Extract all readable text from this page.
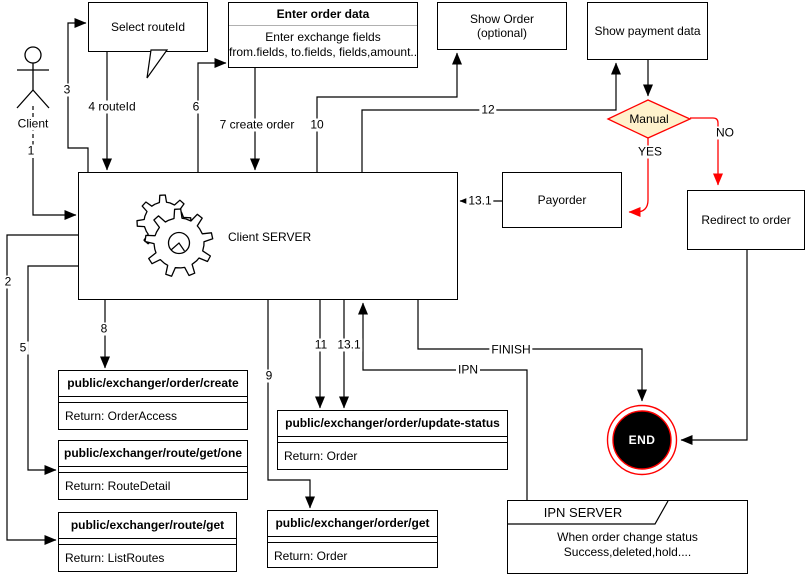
Select routeId
Enter order data
Enter exchange fields
from.fields, to.fields, fields,amount..
Show Order
(optional)	Show payment data
Client SERVER
Payorder
Redirect to order
Manual
END
public/exchanger/order/create
Return: OrderAccess
public/exchanger/route/get/one
Return: RouteDetail
public/exchanger/route/get
Return: ListRoutes
public/exchanger/order/update-status
Return: Order
public/exchanger/order/get
Return: Order
IPN SERVER
When order change status
Success,deleted,hold....
Client
1
2
3
4 routeId
5
6
7 create order
8
9
10
11
12
13.1
13.1	FINISH
IPN
YES
NO
